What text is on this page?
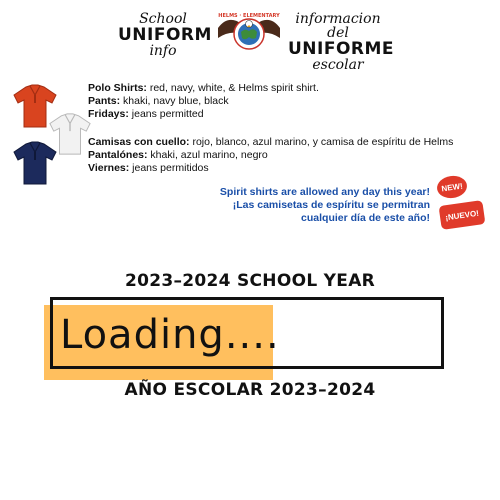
School
UNIFORM
info
HELMS · ELEMENTARY	informacion del
UNIFORME
escolar
Polo Shirts: red, navy, white, & Helms spirit shirt.
Pants: khaki, navy blue, black
Fridays: jeans permitted
Camisas con cuello: rojo, blanco, azul marino, y camisa de espíritu de Helms
Pantalónes: khaki, azul marino, negro
Viernes: jeans permitidos
Spirit shirts are allowed any day this year!
¡Las camisetas de espíritu se permitran
cualquier día de este año!
NEW!
¡NUEVO!
2023–2024 SCHOOL YEAR
Loading....
AÑO ESCOLAR 2023–2024
